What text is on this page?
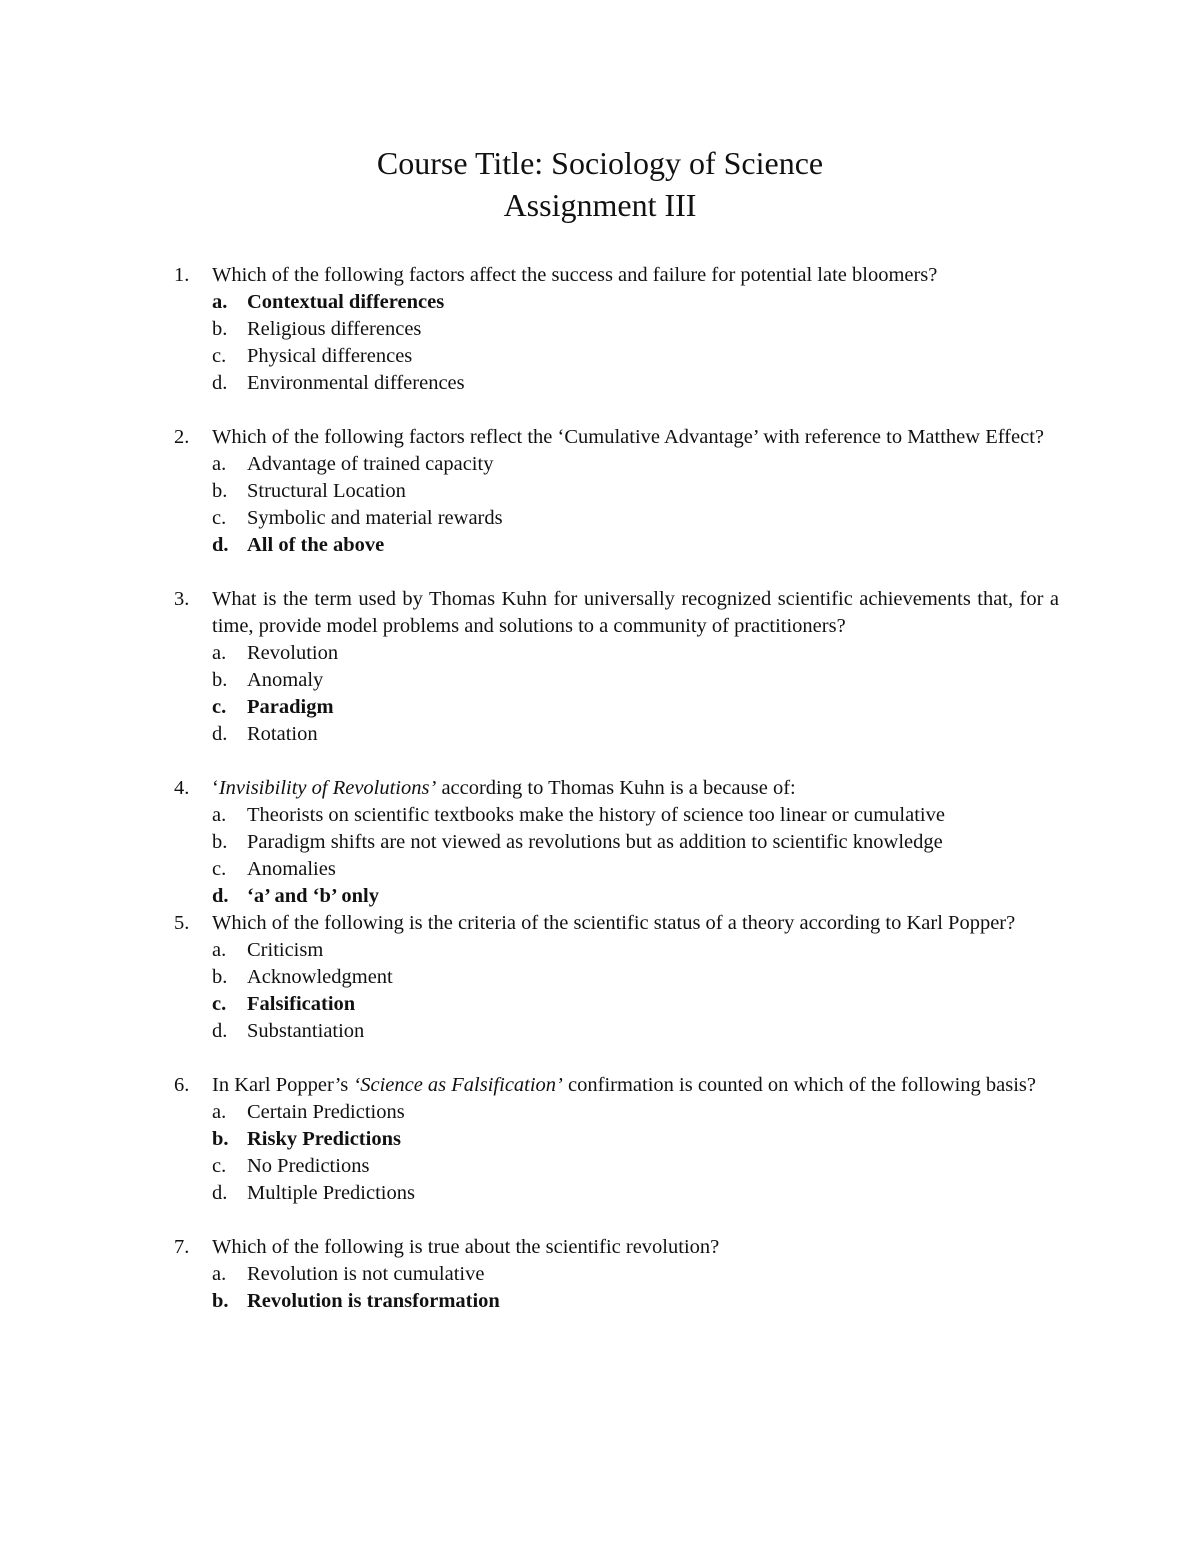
Course Title: Sociology of Science
Assignment III
1.	Which of the following factors affect the success and failure for potential late bloomers?
a. Contextual differences
b. Religious differences
c. Physical differences
d. Environmental differences
2.	Which of the following factors reflect the ‘Cumulative Advantage’ with reference to Matthew Effect?
a. Advantage of trained capacity
b. Structural Location
c. Symbolic and material rewards
d. All of the above
3.	What is the term used by Thomas Kuhn for universally recognized scientific achievements that, for a time, provide model problems and solutions to a community of practitioners?
a. Revolution
b. Anomaly
c. Paradigm
d. Rotation
4.	‘Invisibility of Revolutions’ according to Thomas Kuhn is a because of:
a. Theorists on scientific textbooks make the history of science too linear or cumulative
b. Paradigm shifts are not viewed as revolutions but as addition to scientific knowledge
c. Anomalies
d. ‘a’ and ‘b’ only
5.	Which of the following is the criteria of the scientific status of a theory according to Karl Popper?
a. Criticism
b. Acknowledgment
c. Falsification
d. Substantiation
6.	In Karl Popper’s ‘Science as Falsification’ confirmation is counted on which of the following basis?
a. Certain Predictions
b. Risky Predictions
c. No Predictions
d. Multiple Predictions
7.	Which of the following is true about the scientific revolution?
a. Revolution is not cumulative
b. Revolution is transformation
